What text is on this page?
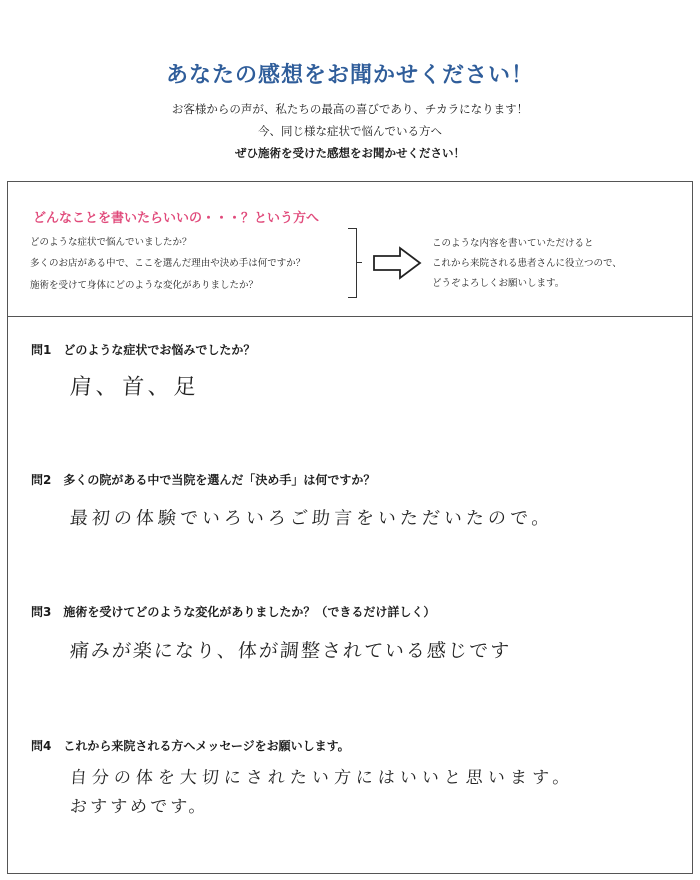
あなたの感想をお聞かせください！
お客様からの声が、私たちの最高の喜びであり、チカラになります！
今、同じ様な症状で悩んでいる方へ
ぜひ施術を受けた感想をお聞かせください！
どんなことを書いたらいいの・・・？という方へ
どのような症状で悩んでいましたか？
多くのお店がある中で、ここを選んだ理由や決め手は何ですか？
施術を受けて身体にどのような変化がありましたか？
このような内容を書いていただけると
これから来院される患者さんに役立つので、
どうぞよろしくお願いします。
問1　どのような症状でお悩みでしたか？
肩、首、足
問2　多くの院がある中で当院を選んだ「決め手」は何ですか？
最初の体験でいろいろご助言をいただいたので。
問3　施術を受けてどのような変化がありましたか？（できるだけ詳しく）
痛みが楽になり、体が調整されている感じです
問4　これから来院される方へメッセージをお願いします。
自分の体を大切にされたい方にはいいと思います。
おすすめです。
